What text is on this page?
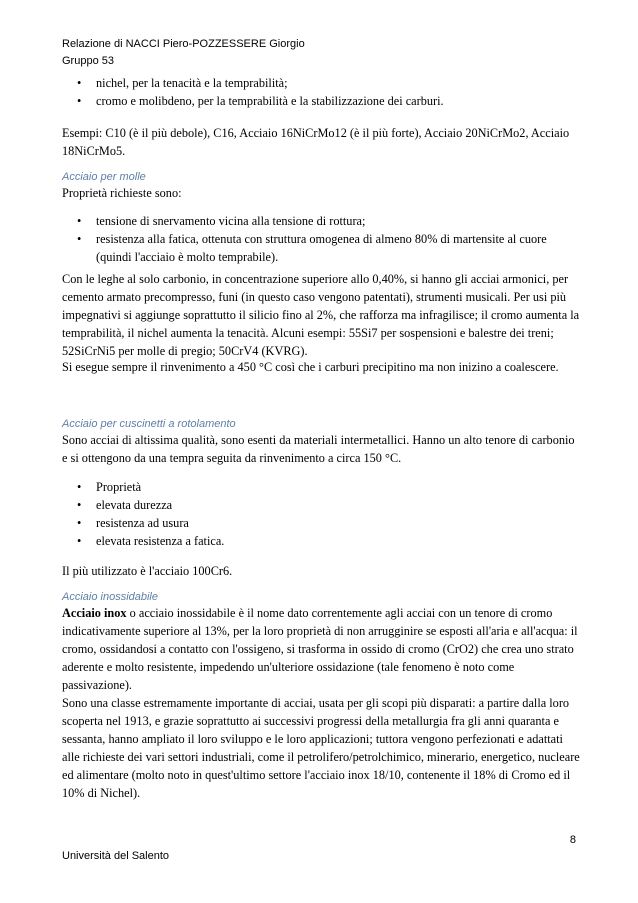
Relazione di NACCI Piero-POZZESSERE Giorgio
Gruppo 53
• nichel, per la tenacità e la temprabilità;
• cromo e molibdeno, per la temprabilità e la stabilizzazione dei carburi.
Esempi: C10 (è il più debole), C16, Acciaio 16NiCrMo12 (è il più forte), Acciaio 20NiCrMo2, Acciaio 18NiCrMo5.
Acciaio per molle
Proprietà richieste sono:
• tensione di snervamento vicina alla tensione di rottura;
• resistenza alla fatica, ottenuta con struttura omogenea di almeno 80% di martensite al cuore (quindi l'acciaio è molto temprabile).
Con le leghe al solo carbonio, in concentrazione superiore allo 0,40%, si hanno gli acciai armonici, per cemento armato precompresso, funi (in questo caso vengono patentati), strumenti musicali. Per usi più impegnativi si aggiunge soprattutto il silicio fino al 2%, che rafforza ma infragilisce; il cromo aumenta la temprabilità, il nichel aumenta la tenacità. Alcuni esempi: 55Si7 per sospensioni e balestre dei treni; 52SiCrNi5 per molle di pregio; 50CrV4 (KVRG).
Si esegue sempre il rinvenimento a 450 °C così che i carburi precipitino ma non inizino a coalescere.
Acciaio per cuscinetti a rotolamento
Sono acciai di altissima qualità, sono esenti da materiali intermetallici. Hanno un alto tenore di carbonio e si ottengono da una tempra seguita da rinvenimento a circa 150 °C.
• Proprietà
• elevata durezza
• resistenza ad usura
• elevata resistenza a fatica.
Il più utilizzato è l'acciaio 100Cr6.
Acciaio inossidabile
Acciaio inox o acciaio inossidabile è il nome dato correntemente agli acciai con un tenore di cromo indicativamente superiore al 13%, per la loro proprietà di non arrugginire se esposti all'aria e all'acqua: il cromo, ossidandosi a contatto con l'ossigeno, si trasforma in ossido di cromo (CrO2) che crea uno strato aderente e molto resistente, impedendo un'ulteriore ossidazione (tale fenomeno è noto come passivazione).
Sono una classe estremamente importante di acciai, usata per gli scopi più disparati: a partire dalla loro scoperta nel 1913, e grazie soprattutto ai successivi progressi della metallurgia fra gli anni quaranta e sessanta, hanno ampliato il loro sviluppo e le loro applicazioni; tuttora vengono perfezionati e adattati alle richieste dei vari settori industriali, come il petrolifero/petrolchimico, minerario, energetico, nucleare ed alimentare (molto noto in quest'ultimo settore l'acciaio inox 18/10, contenente il 18% di Cromo ed il 10% di Nichel).
8
Università del Salento
